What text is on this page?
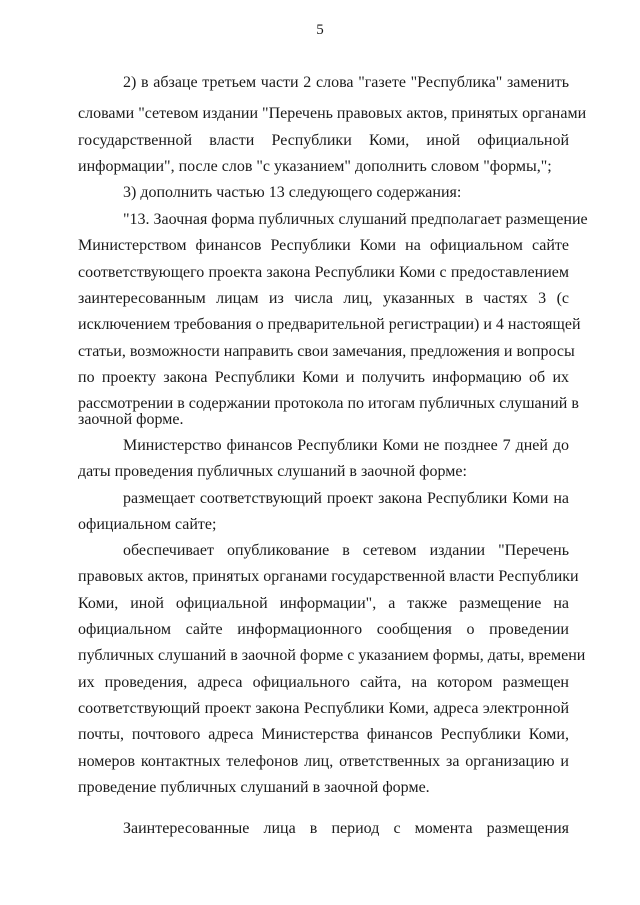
5
2) в абзаце третьем части 2 слова "газете "Республика" заменить
словами "сетевом издании "Перечень правовых актов, принятых органами
государственной власти Республики Коми, иной официальной
информации", после слов "с указанием" дополнить словом "формы,";
3) дополнить частью 13 следующего содержания:
"13. Заочная форма публичных слушаний предполагает размещение
Министерством финансов Республики Коми на официальном сайте
соответствующего проекта закона Республики Коми с предоставлением
заинтересованным лицам из числа лиц, указанных в частях 3 (с
исключением требования о предварительной регистрации) и 4 настоящей
статьи, возможности направить свои замечания, предложения и вопросы
по проекту закона Республики Коми и получить информацию об их
рассмотрении в содержании протокола по итогам публичных слушаний в
заочной форме.
Министерство финансов Республики Коми не позднее 7 дней до
даты проведения публичных слушаний в заочной форме:
размещает соответствующий проект закона Республики Коми на
официальном сайте;
обеспечивает опубликование в сетевом издании "Перечень
правовых актов, принятых органами государственной власти Республики
Коми, иной официальной информации", а также размещение на
официальном сайте информационного сообщения о проведении
публичных слушаний в заочной форме с указанием формы, даты, времени
их проведения, адреса официального сайта, на котором размещен
соответствующий проект закона Республики Коми, адреса электронной
почты, почтового адреса Министерства финансов Республики Коми,
номеров контактных телефонов лиц, ответственных за организацию и
проведение публичных слушаний в заочной форме.
Заинтересованные лица в период с момента размещения
